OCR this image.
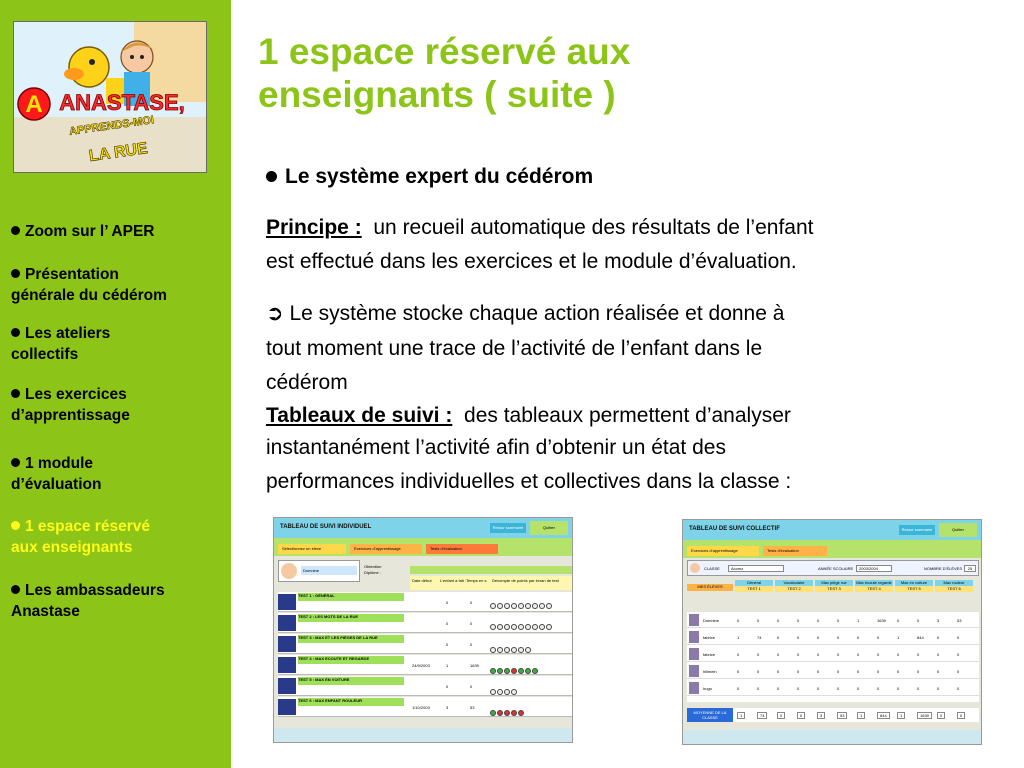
A ANASTASE,
APPRENDS-MOI
LA RUE
Zoom sur l’ APER
Présentation
générale du cédérom
Les ateliers
collectifs
Les exercices
d’apprentissage
1 module
d’évaluation
1 espace réservé
aux enseignants
Les ambassadeurs
Anastase
1 espace réservé aux
enseignants ( suite )
Le système expert du cédérom
Principe : un recueil automatique des résultats de l’enfant
est effectué dans les exercices et le module d’évaluation.
➲ Le système stocke chaque action réalisée et donne à
tout moment une trace de l’activité de l’enfant dans le
cédérom
Tableaux de suivi : des tableaux permettent d’analyser
instantanément l’activité afin d’obtenir un état des
performances individuelles et collectives dans la classe :
TABLEAU DE SUIVI INDIVIDUEL	Retour sommaire	Quitter
Sélectionnez un élève	Exercices d’apprentissage	Tests d’évaluation
Domnine
Obtention
Diplôme :
Date début L’enfant a fait : Temps en s Décompte de points par écran de test
TEST 1 : GÉNÉRAL
0	0
TEST 2 : LES MOTS DE LA RUE
0	0
TEST 3 : MAX ET LES PIÈGES DE LA RUE
0	0
TEST 4 : MAX ECOUTE ET REGARDE
24/9/2003	1	1639
TEST 5 : MAX EN VOITURE
0	0
TEST 6 : MAX ENFANT ROULEUR
1/10/2003	3	53
TABLEAU DE SUIVI COLLECTIF	Retour sommaire	Quitter
Exercices d’apprentissage	Tests d’évaluation
CLASSE	Acomz	ANNÉE SCOLAIRE	2003/2004	NOMBRE D’ÉLÈVES	25
MES ÉLÈVES
Général	Vocabulaire	Max piège rue	Max écoute regarde	Max en voiture	Max rouleur
TEST 1	TEST 2	TEST 3	TEST 4	TEST 5	TEST 6
Domnine	0	0	0	0	0	0	1	1639	0	0	3	53
fabrice	1	74	0	0	0	0	0	0	1	844	0	0
fabrice	0	0	0	0	0	0	0	0	0	0	0	0
hillmeln	0	0	0	0	0	0	0	0	0	0	0	0
hugo	0	0	0	0	0	0	0	0	0	0	0	0
MOYENNE DE LA CLASSE	1	74	0	0	3	53	1	844	1	1639	0	0
